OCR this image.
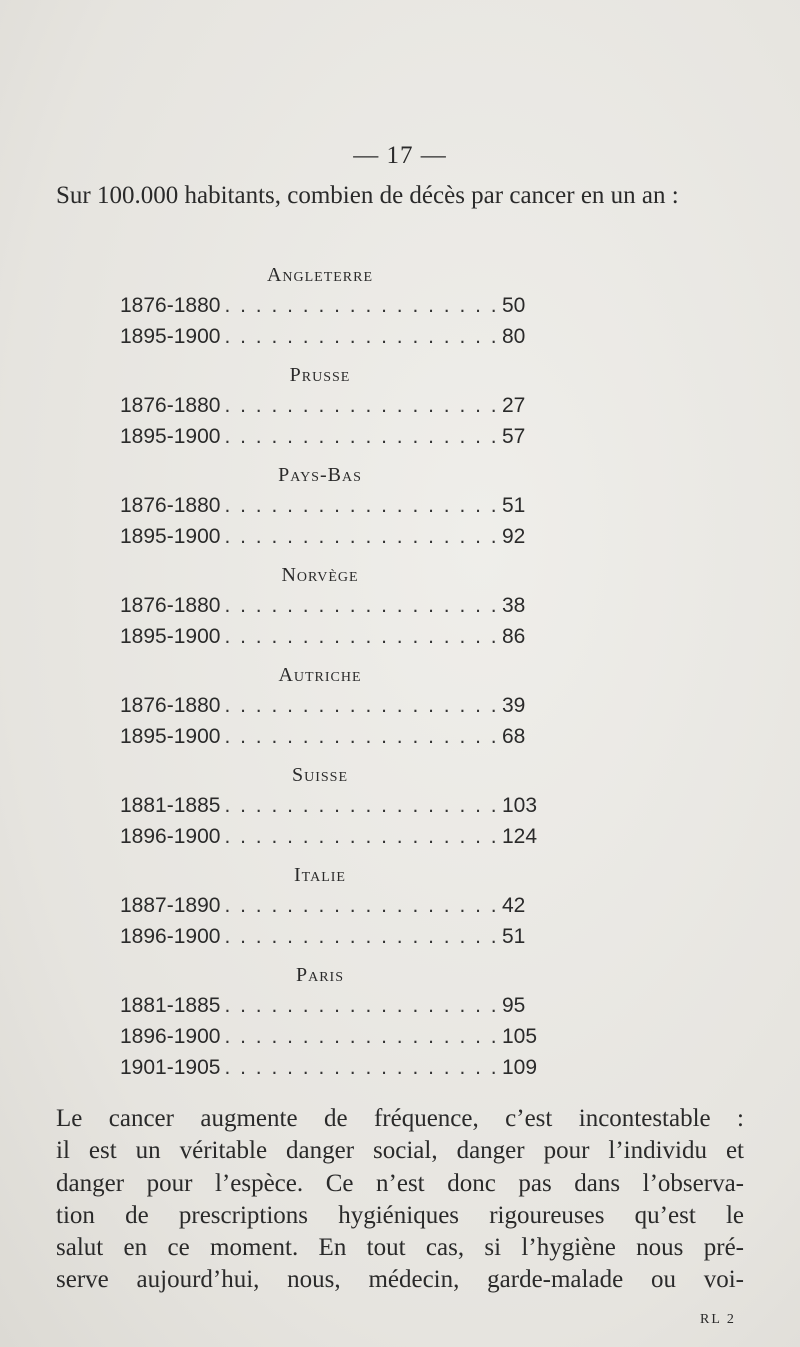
— 17 —
Sur 100.000 habitants, combien de décès par cancer en un an :
Angleterre
1876-1880 . . .	50
1895-1900 . . .	80
Prusse
1876-1880 . . .	27
1895-1900 . . .	57
Pays-Bas
1876-1880 . . .	51
1895-1900 . . .	92
Norvège
1876-1880 . . .	38
1895-1900 . . .	86
Autriche
1876-1880 . . .	39
1895-1900 . . .	68
Suisse
1881-1885 . . .	103
1896-1900 . . .	124
Italie
1887-1890 . . .	42
1896-1900 . . .	51
Paris
1881-1885 . . .	95
1896-1900 . . .	105
1901-1905 . . .	109
Le cancer augmente de fréquence, c’est incontestable :
il est un véritable danger social, danger pour l’individu et
danger pour l’espèce. Ce n’est donc pas dans l’observa-
tion de prescriptions hygiéniques rigoureuses qu’est le
salut en ce moment. En tout cas, si l’hygiène nous pré-
serve aujourd’hui, nous, médecin, garde-malade ou voi-
RL 2
